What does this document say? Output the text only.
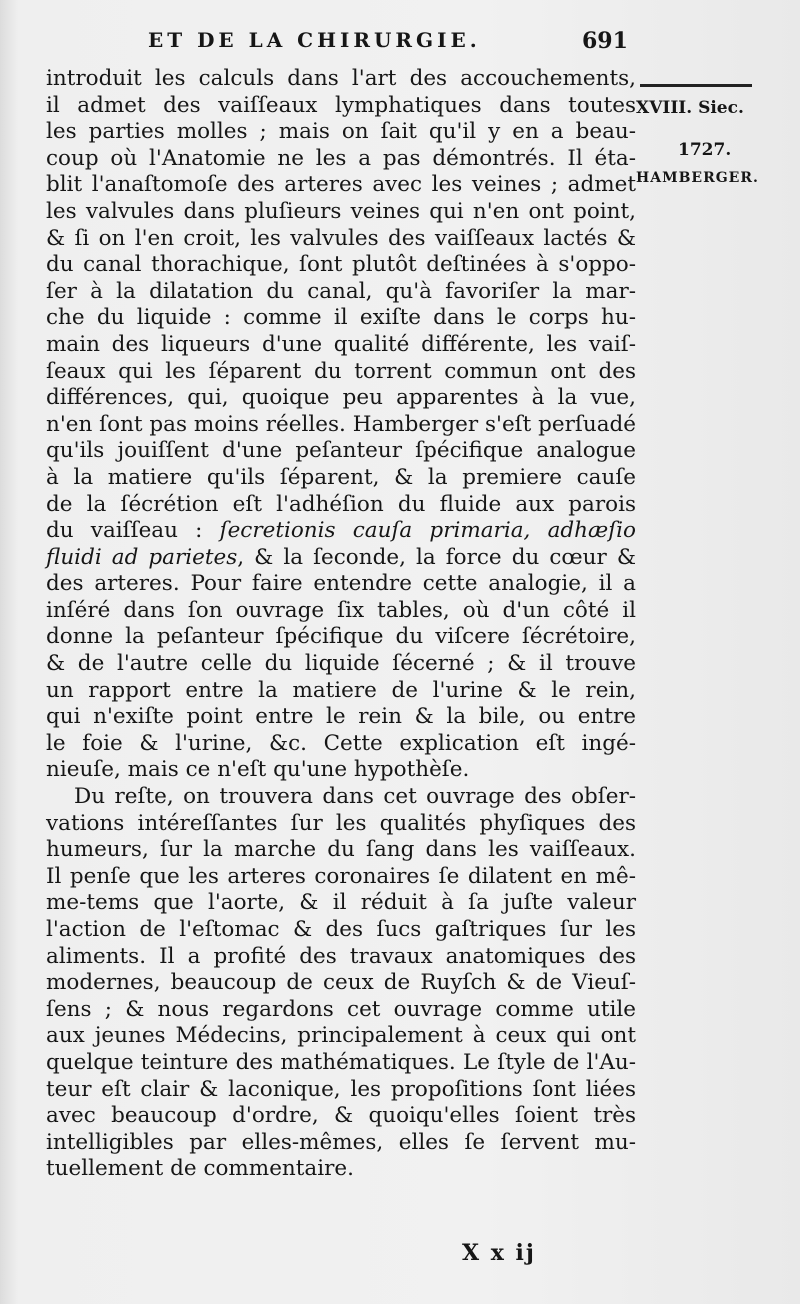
ET DE LA CHIRURGIE.	691
XVIII. Siec.
1727.
HAMBERGER.
introduit les calculs dans l'art des accouchements,
il admet des vaiſſeaux lymphatiques dans toutes
les parties molles ; mais on ſait qu'il y en a beau-
coup où l'Anatomie ne les a pas démontrés. Il éta-
blit l'anaſtomoſe des arteres avec les veines ; admet
les valvules dans pluſieurs veines qui n'en ont point,
& ſi on l'en croit, les valvules des vaiſſeaux lactés &
du canal thorachique, ſont plutôt deſtinées à s'oppo-
ſer à la dilatation du canal, qu'à favoriſer la mar-
che du liquide : comme il exiſte dans le corps hu-
main des liqueurs d'une qualité différente, les vaiſ-
ſeaux qui les ſéparent du torrent commun ont des
différences, qui, quoique peu apparentes à la vue,
n'en ſont pas moins réelles. Hamberger s'eſt perſuadé
qu'ils jouiſſent d'une peſanteur ſpécifique analogue
à la matiere qu'ils ſéparent, & la premiere cauſe
de la ſécrétion eſt l'adhéſion du fluide aux parois
du vaiſſeau : ſecretionis cauſa primaria, adhæſio
fluidi ad parietes, & la ſeconde, la force du cœur &
des arteres. Pour faire entendre cette analogie, il a
inſéré dans ſon ouvrage ſix tables, où d'un côté il
donne la peſanteur ſpécifique du viſcere ſécrétoire,
& de l'autre celle du liquide ſécerné ; & il trouve
un rapport entre la matiere de l'urine & le rein,
qui n'exiſte point entre le rein & la bile, ou entre
le foie & l'urine, &c. Cette explication eſt ingé-
nieuſe, mais ce n'eſt qu'une hypothèſe.
Du reſte, on trouvera dans cet ouvrage des obſer-
vations intéreſſantes ſur les qualités phyſiques des
humeurs, ſur la marche du ſang dans les vaiſſeaux.
Il penſe que les arteres coronaires ſe dilatent en mê-
me-tems que l'aorte, & il réduit à ſa juſte valeur
l'action de l'eſtomac & des ſucs gaſtriques ſur les
aliments. Il a profité des travaux anatomiques des
modernes, beaucoup de ceux de Ruyſch & de Vieuſ-
ſens ; & nous regardons cet ouvrage comme utile
aux jeunes Médecins, principalement à ceux qui ont
quelque teinture des mathématiques. Le ſtyle de l'Au-
teur eſt clair & laconique, les propoſitions ſont liées
avec beaucoup d'ordre, & quoiqu'elles ſoient très
intelligibles par elles-mêmes, elles ſe ſervent mu-
tuellement de commentaire.
X x ij
